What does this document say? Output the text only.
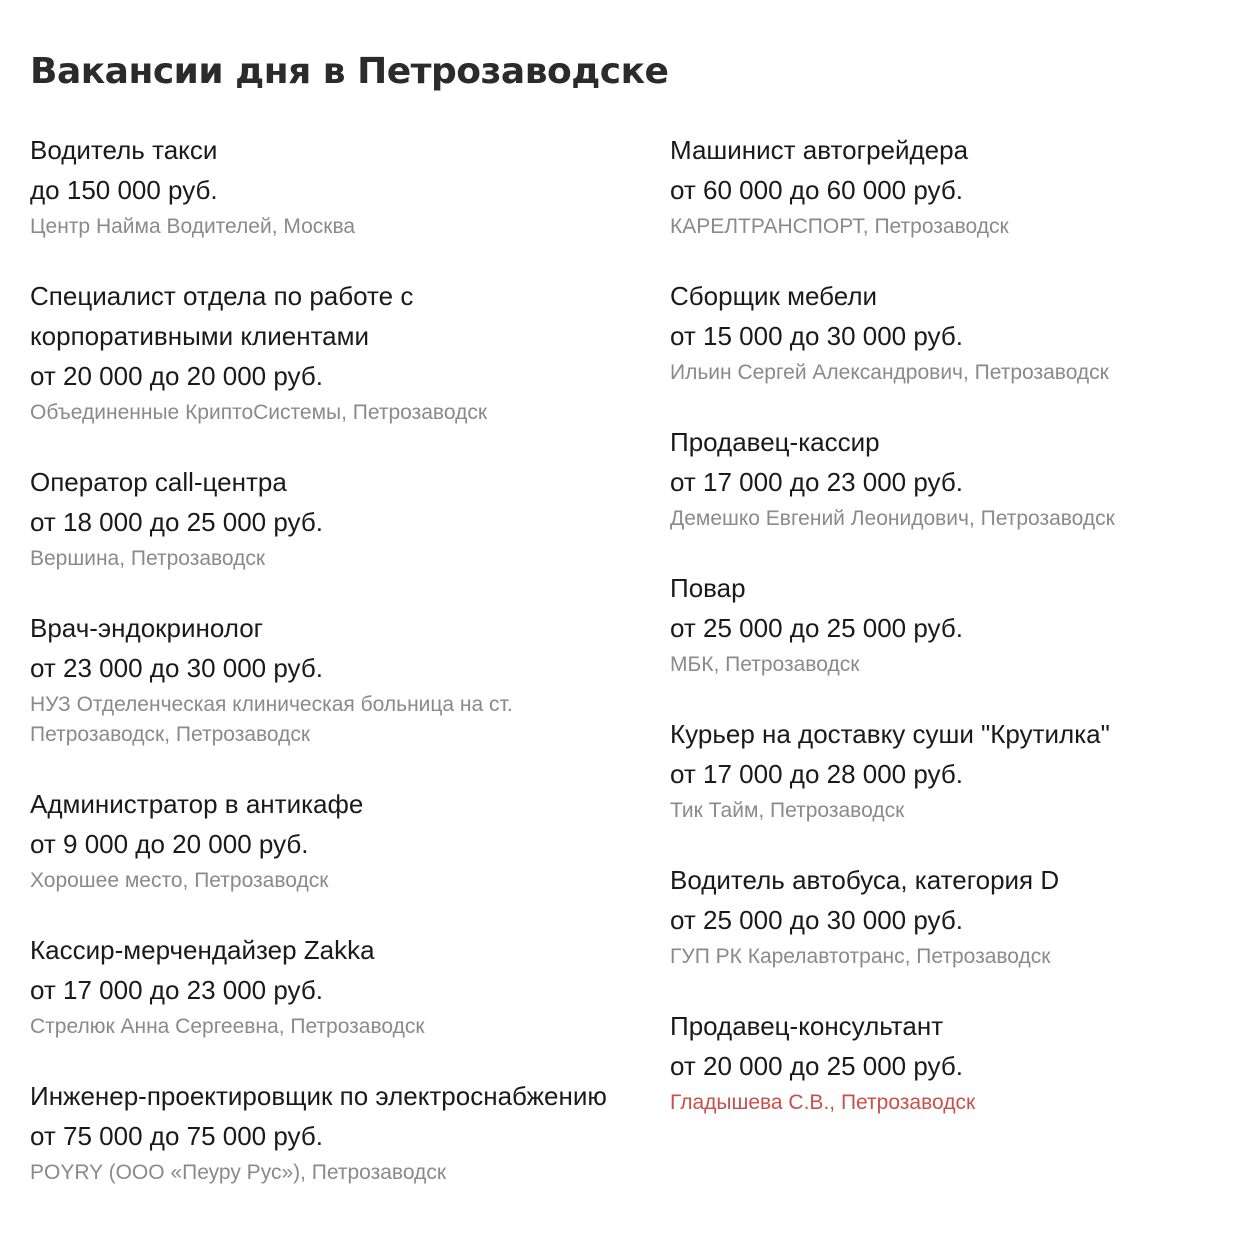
Вакансии дня в Петрозаводске
Водитель такси
до 150 000 руб.
Центр Найма Водителей, Москва
Специалист отдела по работе с корпоративными клиентами
от 20 000 до 20 000 руб.
Объединенные КриптоСистемы, Петрозаводск
Оператор call-центра
от 18 000 до 25 000 руб.
Вершина, Петрозаводск
Врач-эндокринолог
от 23 000 до 30 000 руб.
НУЗ Отделенческая клиническая больница на ст. Петрозаводск, Петрозаводск
Администратор в антикафе
от 9 000 до 20 000 руб.
Хорошее место, Петрозаводск
Кассир-мерчендайзер Zakka
от 17 000 до 23 000 руб.
Стрелюк Анна Сергеевна, Петрозаводск
Инженер-проектировщик по электроснабжению
от 75 000 до 75 000 руб.
POYRY (ООО «Пеуру Рус»), Петрозаводск
Машинист автогрейдера
от 60 000 до 60 000 руб.
КАРЕЛТРАНСПОРТ, Петрозаводск
Сборщик мебели
от 15 000 до 30 000 руб.
Ильин Сергей Александрович, Петрозаводск
Продавец-кассир
от 17 000 до 23 000 руб.
Демешко Евгений Леонидович, Петрозаводск
Повар
от 25 000 до 25 000 руб.
МБК, Петрозаводск
Курьер на доставку суши "Крутилка"
от 17 000 до 28 000 руб.
Тик Тайм, Петрозаводск
Водитель автобуса, категория D
от 25 000 до 30 000 руб.
ГУП РК Карелавтотранс, Петрозаводск
Продавец-консультант
от 20 000 до 25 000 руб.
Гладышева С.В., Петрозаводск
